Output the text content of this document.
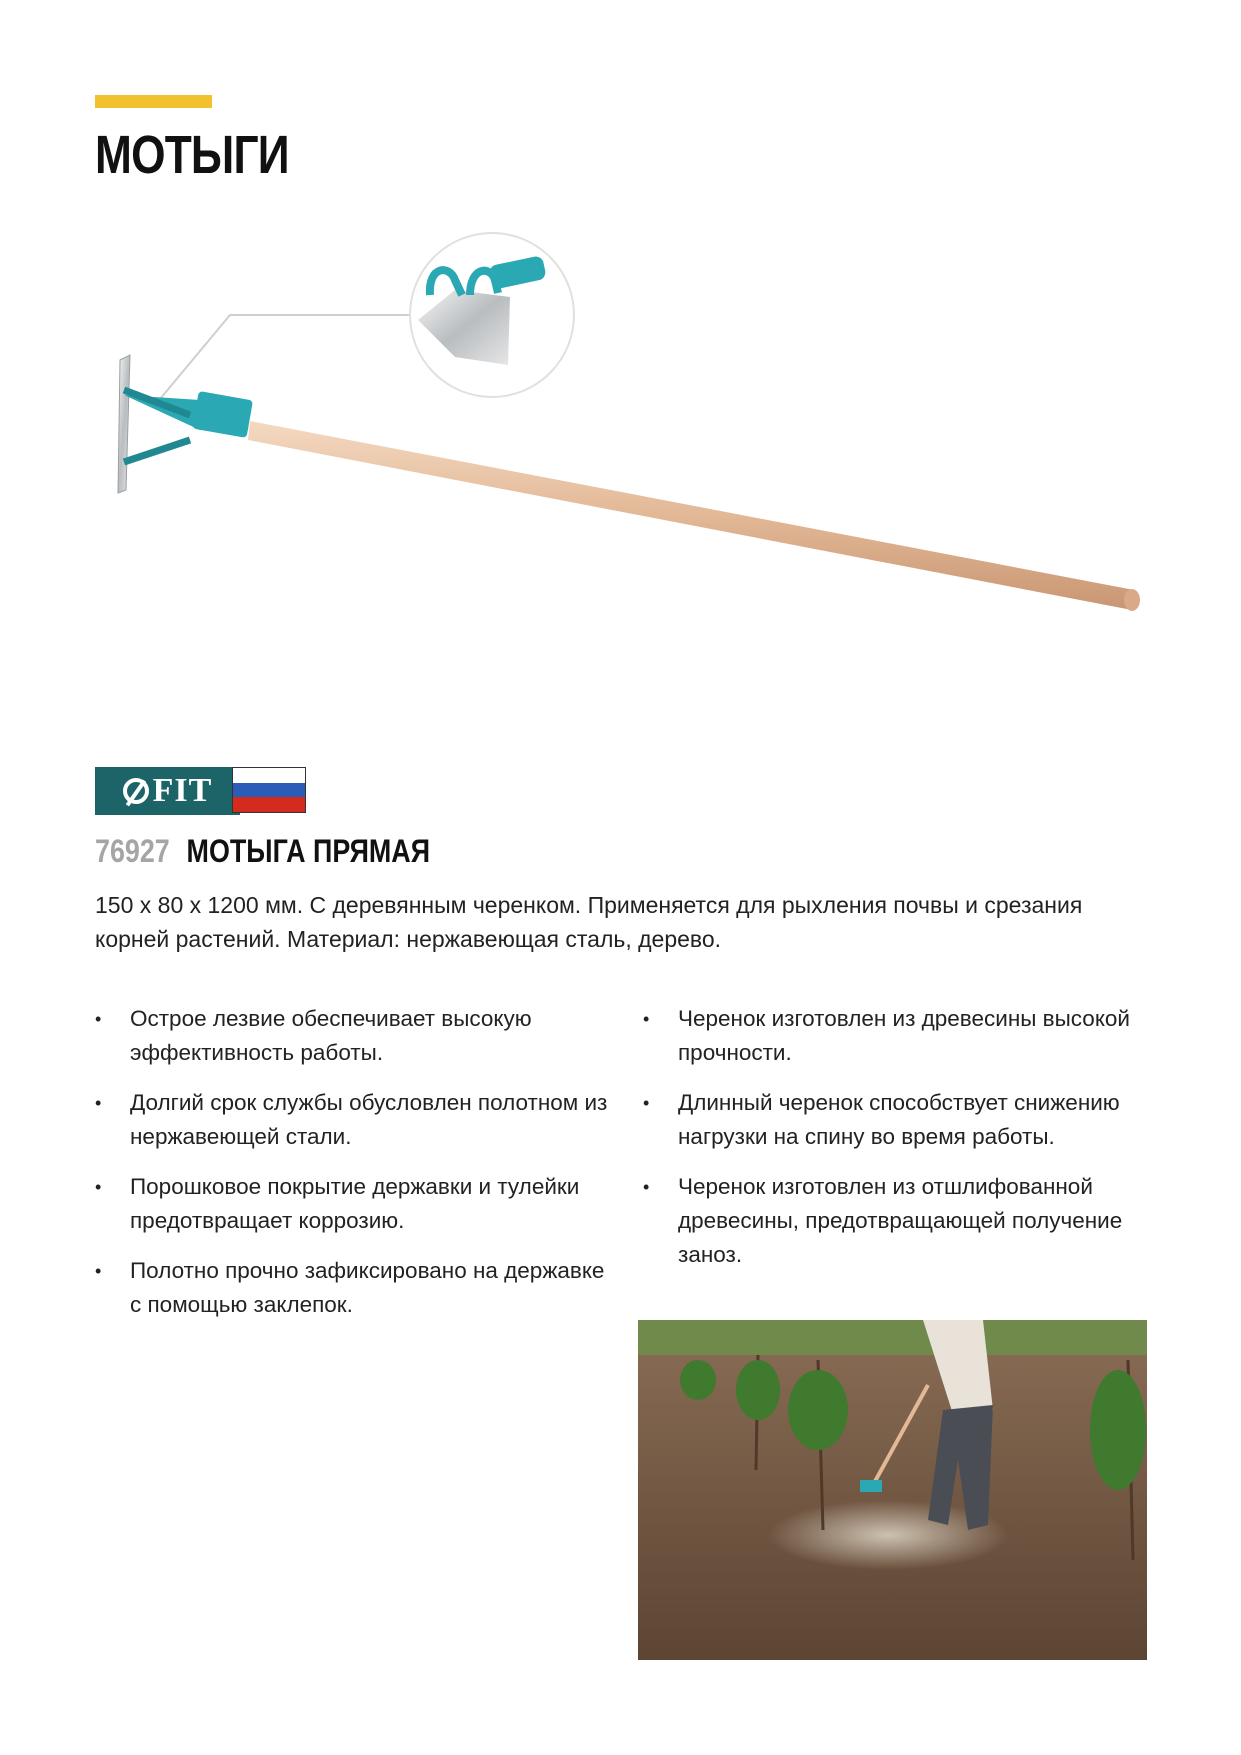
МОТЫГИ
FIT
76927 МОТЫГА ПРЯМАЯ
150 х 80 х 1200 мм. С деревянным черенком. Применяется для рыхления почвы и срезания корней растений. Материал: нержавеющая сталь, дерево.
• Острое лезвие обеспечивает высокую эффективность работы.
• Долгий срок службы обусловлен полотном из нержавеющей стали.
• Порошковое покрытие державки и тулейки предотвращает коррозию.
• Полотно прочно зафиксировано на державке с помощью заклепок.
• Черенок изготовлен из древесины высокой прочности.
• Длинный черенок способствует снижению нагрузки на спину во время работы.
• Черенок изготовлен из отшлифованной древесины, предотвращающей получение заноз.
